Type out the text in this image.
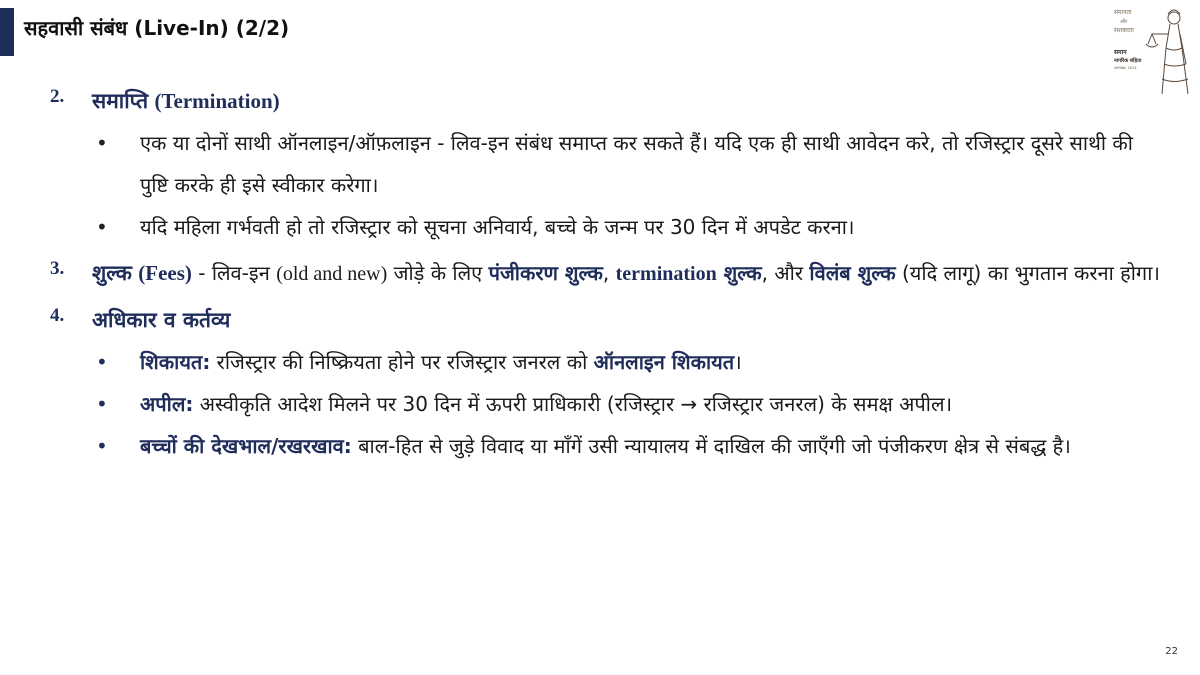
सहवासी संबंध (Live-In) (2/2)
समानता
और
सशक्तता
समान
नागरिक संहिता
उत्तराखंड, 2024
2.	समाप्ति (Termination)
• एक या दोनों साथी ऑनलाइन/ऑफ़लाइन - लिव-इन संबंध समाप्त कर सकते हैं। यदि एक ही साथी आवेदन करे, तो रजिस्ट्रार दूसरे साथी की पुष्टि करके ही इसे स्वीकार करेगा।
• यदि महिला गर्भवती हो तो रजिस्ट्रार को सूचना अनिवार्य, बच्चे के जन्म पर 30 दिन में अपडेट करना।
3.	शुल्क (Fees) - लिव-इन (old and new) जोड़े के लिए पंजीकरण शुल्क, termination शुल्क, और विलंब शुल्क (यदि लागू) का भुगतान करना होगा।
4.	अधिकार व कर्तव्य
• शिकायत: रजिस्ट्रार की निष्क्रियता होने पर रजिस्ट्रार जनरल को ऑनलाइन शिकायत।
• अपील: अस्वीकृति आदेश मिलने पर 30 दिन में ऊपरी प्राधिकारी (रजिस्ट्रार → रजिस्ट्रार जनरल) के समक्ष अपील।
• बच्चों की देखभाल/रखरखाव: बाल-हित से जुड़े विवाद या माँगें उसी न्यायालय में दाखिल की जाएँगी जो पंजीकरण क्षेत्र से संबद्ध है।
22
